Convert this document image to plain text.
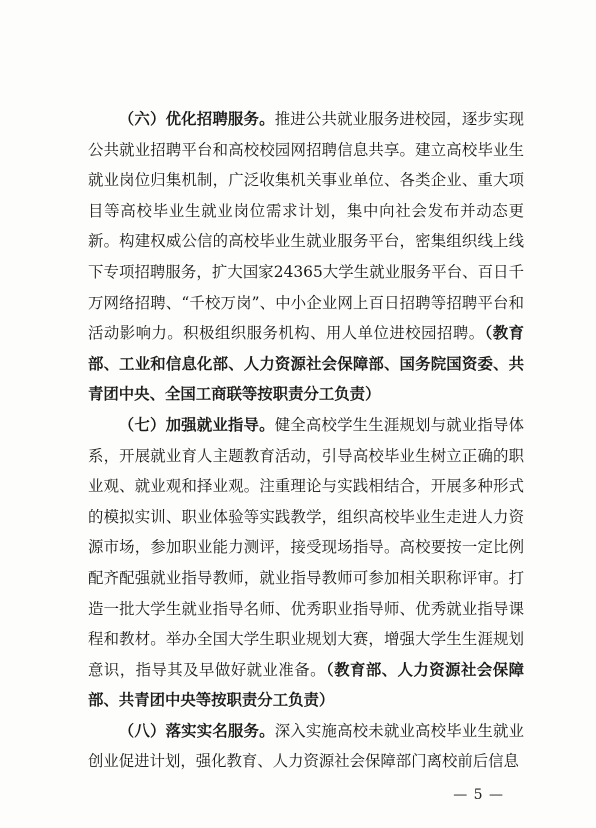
（六）优化招聘服务。推进公共就业服务进校园，逐步实现公共就业招聘平台和高校校园网招聘信息共享。建立高校毕业生就业岗位归集机制，广泛收集机关事业单位、各类企业、重大项目等高校毕业生就业岗位需求计划，集中向社会发布并动态更新。构建权威公信的高校毕业生就业服务平台，密集组织线上线下专项招聘服务，扩大国家24365大学生就业服务平台、百日千万网络招聘、“千校万岗”、中小企业网上百日招聘等招聘平台和活动影响力。积极组织服务机构、用人单位进校园招聘。（教育部、工业和信息化部、人力资源社会保障部、国务院国资委、共青团中央、全国工商联等按职责分工负责）

（七）加强就业指导。健全高校学生生涯规划与就业指导体系，开展就业育人主题教育活动，引导高校毕业生树立正确的职业观、就业观和择业观。注重理论与实践相结合，开展多种形式的模拟实训、职业体验等实践教学，组织高校毕业生走进人力资源市场，参加职业能力测评，接受现场指导。高校要按一定比例配齐配强就业指导教师，就业指导教师可参加相关职称评审。打造一批大学生就业指导名师、优秀职业指导师、优秀就业指导课程和教材。举办全国大学生职业规划大赛，增强大学生生涯规划意识，指导其及早做好就业准备。（教育部、人力资源社会保障部、共青团中央等按职责分工负责）

（八）落实实名服务。深入实施高校未就业高校毕业生就业创业促进计划，强化教育、人力资源社会保障部门离校前后信息

— 5 —
